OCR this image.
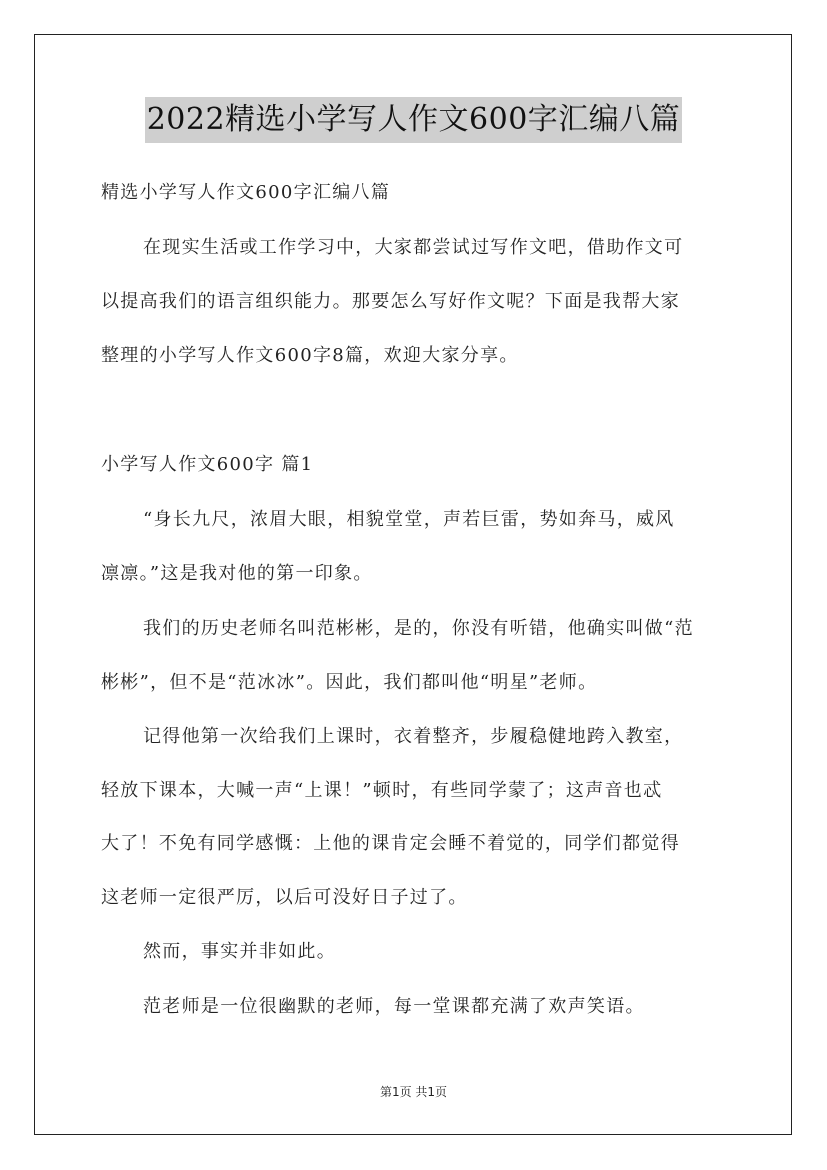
2022精选小学写人作文600字汇编八篇
精选小学写人作文600字汇编八篇
在现实生活或工作学习中，大家都尝试过写作文吧，借助作文可
以提高我们的语言组织能力。那要怎么写好作文呢？下面是我帮大家
整理的小学写人作文600字8篇，欢迎大家分享。
小学写人作文600字 篇1
“身长九尺，浓眉大眼，相貌堂堂，声若巨雷，势如奔马，威风
凛凛。”这是我对他的第一印象。
我们的历史老师名叫范彬彬，是的，你没有听错，他确实叫做“范
彬彬”，但不是“范冰冰”。因此，我们都叫他“明星”老师。
记得他第一次给我们上课时，衣着整齐，步履稳健地跨入教室，
轻放下课本，大喊一声“上课！”顿时，有些同学蒙了；这声音也忒
大了！不免有同学感慨：上他的课肯定会睡不着觉的，同学们都觉得
这老师一定很严厉，以后可没好日子过了。
然而，事实并非如此。
范老师是一位很幽默的老师，每一堂课都充满了欢声笑语。
第1页 共1页
